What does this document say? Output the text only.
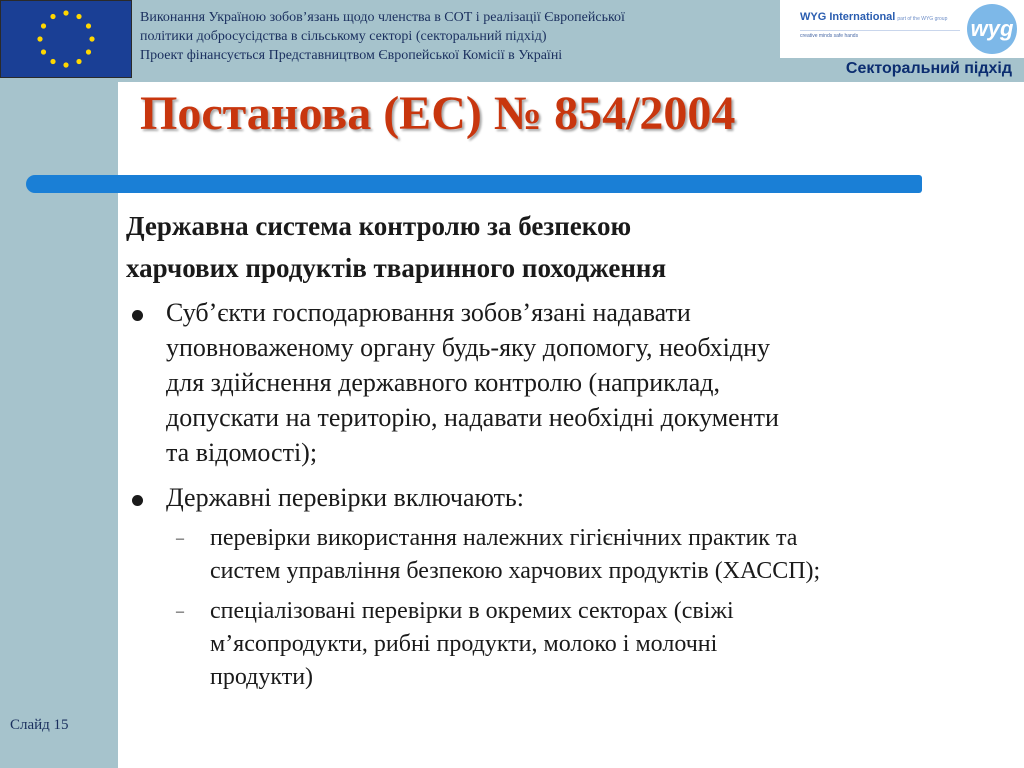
Виконання Україною зобов’язань щодо членства в СОТ і реалізації Європейської
політики добросусідства в сільському секторі (секторальний підхід)
Проект фінансується Представництвом Європейської Комісії в Україні
WYG International part of the WYG group
creative minds safe hands	wyg
Секторальний підхід
Постанова (ЕС) № 854/2004

Державна система контролю за безпекою
харчових продуктів тваринного походження

Суб’єкти господарювання зобов’язані надавати
уповноваженому органу будь-яку допомогу, необхідну
для здійснення державного контролю (наприклад,
допускати на територію, надавати необхідні документи
та відомості);
Державні перевірки включають:
– перевірки використання належних гігієнічних практик та
систем управління безпекою харчових продуктів (ХАССП);
– спеціалізовані перевірки в окремих секторах (свіжі
м’ясопродукти, рибні продукти, молоко і молочні
продукти)
Слайд 15
